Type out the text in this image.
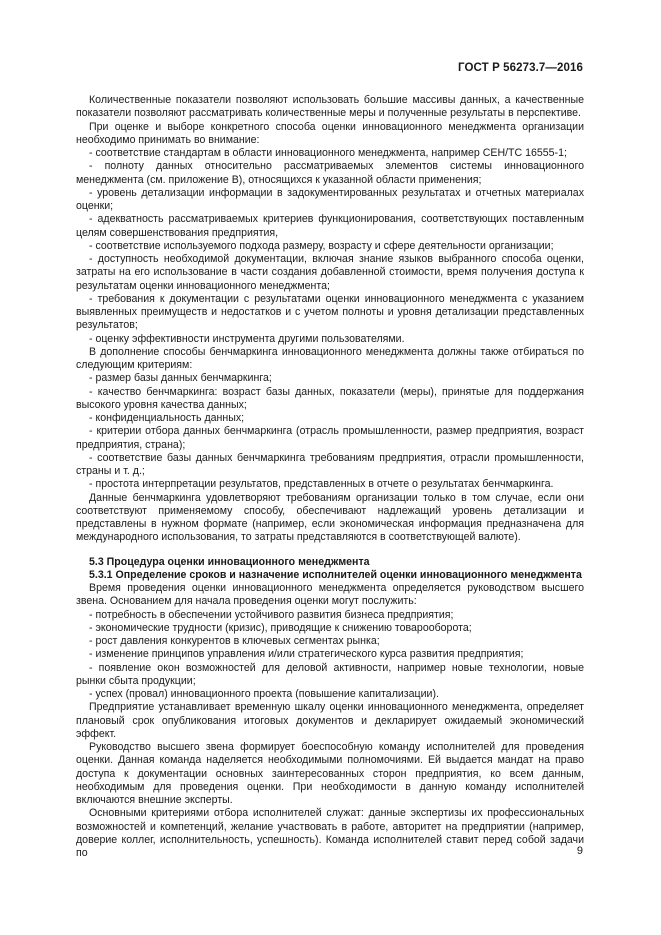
ГОСТ Р 56273.7—2016

Количественные показатели позволяют использовать большие массивы данных, а качественные показатели позволяют рассматривать количественные меры и полученные результаты в перспективе.

При оценке и выборе конкретного способа оценки инновационного менеджмента организации необходимо принимать во внимание:

- соответствие стандартам в области инновационного менеджмента, например СЕН/ТС 16555-1;

- полноту данных относительно рассматриваемых элементов системы инновационного менеджмента (см. приложение В), относящихся к указанной области применения;

- уровень детализации информации в задокументированных результатах и отчетных материалах оценки;

- адекватность рассматриваемых критериев функционирования, соответствующих поставленным целям совершенствования предприятия,

- соответствие используемого подхода размеру, возрасту и сфере деятельности организации;

- доступность необходимой документации, включая знание языков выбранного способа оценки, затраты на его использование в части создания добавленной стоимости, время получения доступа к результатам оценки инновационного менеджмента;

- требования к документации с результатами оценки инновационного менеджмента с указанием выявленных преимуществ и недостатков и с учетом полноты и уровня детализации представленных результатов;

- оценку эффективности инструмента другими пользователями.

В дополнение способы бенчмаркинга инновационного менеджмента должны также отбираться по следующим критериям:

- размер базы данных бенчмаркинга;

- качество бенчмаркинга: возраст базы данных, показатели (меры), принятые для поддержания высокого уровня качества данных;

- конфиденциальность данных;

- критерии отбора данных бенчмаркинга (отрасль промышленности, размер предприятия, возраст предприятия, страна);

- соответствие базы данных бенчмаркинга требованиям предприятия, отрасли промышленности, страны и т. д.;

- простота интерпретации результатов, представленных в отчете о результатах бенчмаркинга.

Данные бенчмаркинга удовлетворяют требованиям организации только в том случае, если они соответствуют применяемому способу, обеспечивают надлежащий уровень детализации и представлены в нужном формате (например, если экономическая информация предназначена для международного использования, то затраты представляются в соответствующей валюте).

5.3 Процедура оценки инновационного менеджмента

5.3.1 Определение сроков и назначение исполнителей оценки инновационного менеджмента

Время проведения оценки инновационного менеджмента определяется руководством высшего звена. Основанием для начала проведения оценки могут послужить:

- потребность в обеспечении устойчивого развития бизнеса предприятия;

- экономические трудности (кризис), приводящие к снижению товарооборота;

- рост давления конкурентов в ключевых сегментах рынка;

- изменение принципов управления и/или стратегического курса развития предприятия;

- появление окон возможностей для деловой активности, например новые технологии, новые рынки сбыта продукции;

- успех (провал) инновационного проекта (повышение капитализации).

Предприятие устанавливает временную шкалу оценки инновационного менеджмента, определяет плановый срок опубликования итоговых документов и декларирует ожидаемый экономический эффект.

Руководство высшего звена формирует боеспособную команду исполнителей для проведения оценки. Данная команда наделяется необходимыми полномочиями. Ей выдается мандат на право доступа к документации основных заинтересованных сторон предприятия, ко всем данным, необходимым для проведения оценки. При необходимости в данную команду исполнителей включаются внешние эксперты.

Основными критериями отбора исполнителей служат: данные экспертизы их профессиональных возможностей и компетенций, желание участвовать в работе, авторитет на предприятии (например, доверие коллег, исполнительность, успешность). Команда исполнителей ставит перед собой задачи по	9
